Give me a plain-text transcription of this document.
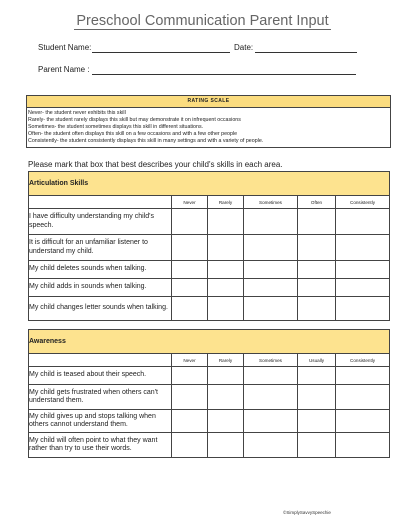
Preschool Communication Parent Input
Student Name:	Date:
Parent Name :
RATING SCALE
Never- the student never exhibits this skill
Rarely- the student rarely displays this skill but may demonstrate it on infrequent occasions
Sometimes- the student sometimes displays this skill in different situations.
Often- the student often displays this skill on a few occasions and with a few other people
Consistently- the student consistently displays this skill in many settings and with a variety of people.
Please mark that box that best describes your child's skills in each area.
Articulation Skills					
	Never	Rarely	Sometimes	Often	Consistently
I have difficulty understanding my child's speech.					
It is difficult for an unfamiliar listener to understand my child.					
My child deletes sounds when talking.					
My child adds in sounds when talking.					
My child changes letter sounds when talking.					
Awareness					
	Never	Rarely	Sometimes	Usually	Consistently
My child is teased about their speech.					
My child gets frustrated when others can't understand them.					
My child gives up and stops talking when others cannot understand them.					
My child will often point to what they want rather than try to use their words.					
©SimplySavvySpeechie
